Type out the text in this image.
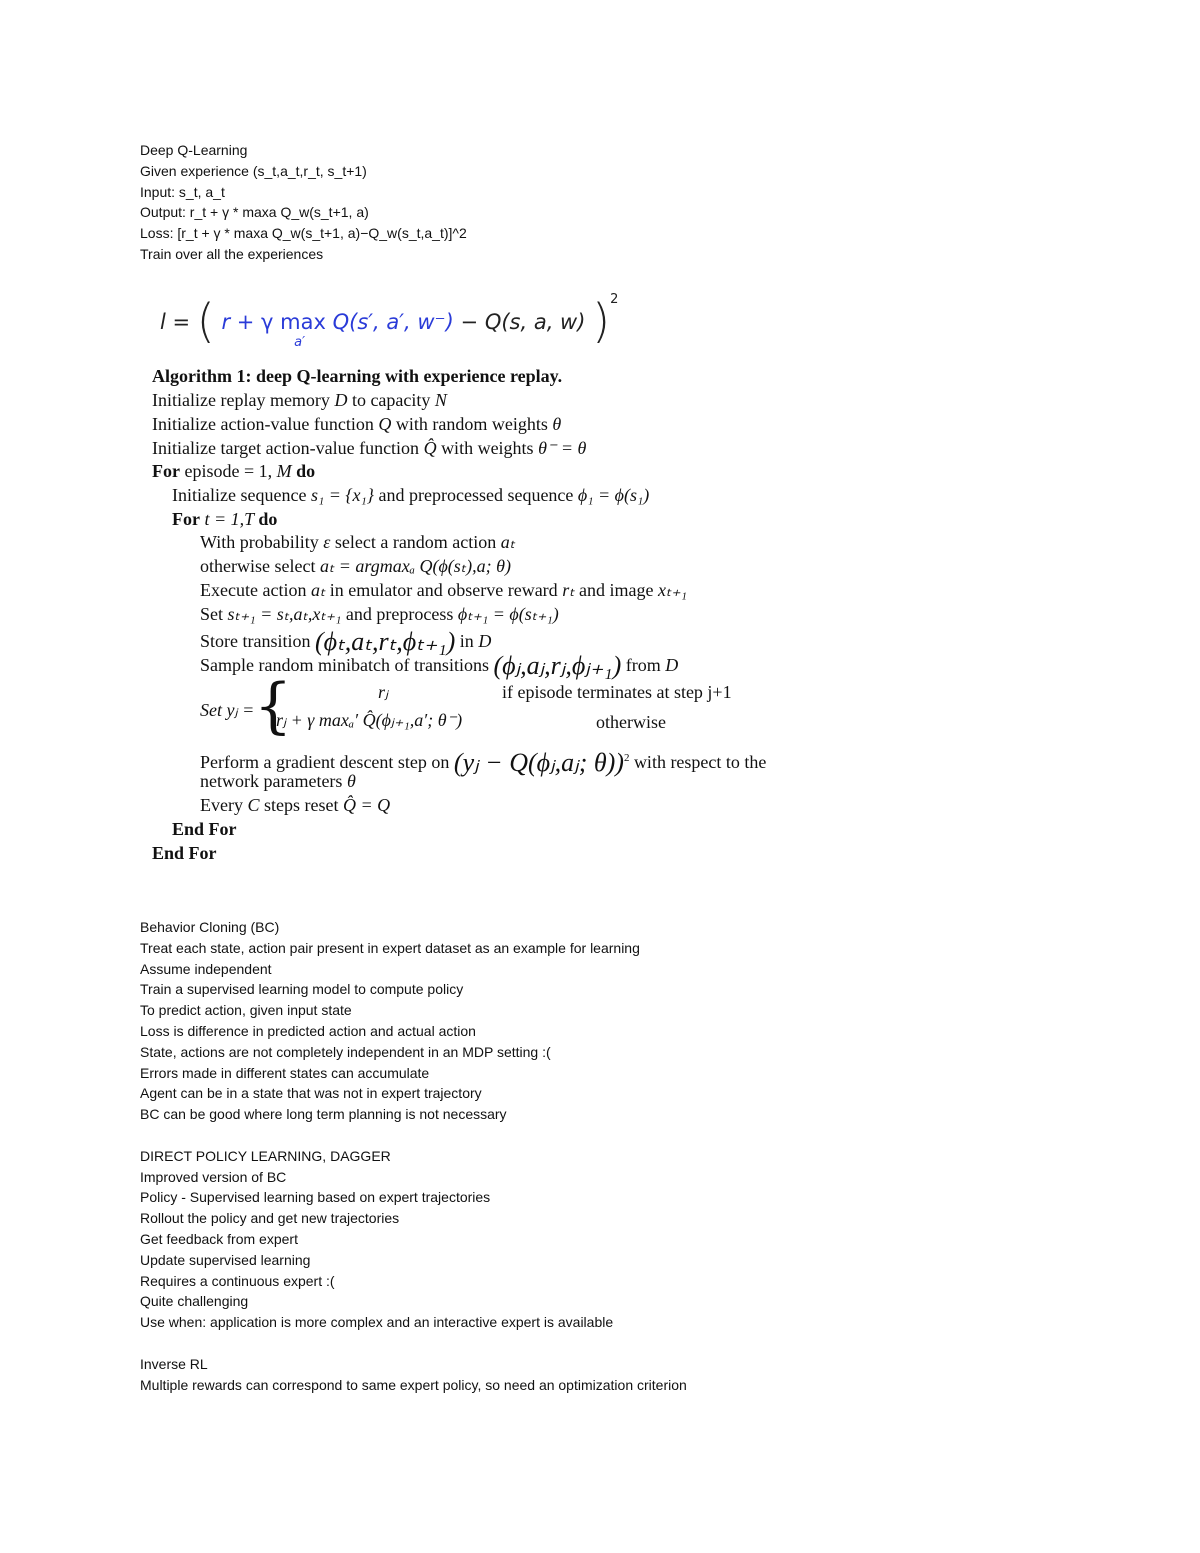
Deep Q-Learning
Given experience (s_t,a_t,r_t, s_t+1)
Input: s_t, a_t
Output: r_t + γ * maxa Q_w(s_t+1, a)
Loss: [r_t + γ * maxa Q_w(s_t+1, a)−Q_w(s_t,a_t)]^2
Train over all the experiences
l = ( r + γ max
a′
Q(s′, a′, w⁻) − Q(s, a, w) )$^2$
Algorithm 1: deep Q-learning with experience replay.
Initialize replay memory D to capacity N
Initialize action-value function Q with random weights θ
Initialize target action-value function Q̂ with weights θ⁻ = θ
For episode = 1, M do
Initialize sequence s₁ = {x₁} and preprocessed sequence ϕ₁ = ϕ(s₁)
For t = 1,T do
With probability ε select a random action aₜ
otherwise select aₜ = argmaxₐ Q(ϕ(sₜ),a; θ)
Execute action aₜ in emulator and observe reward rₜ and image xₜ₊₁
Set sₜ₊₁ = sₜ,aₜ,xₜ₊₁ and preprocess ϕₜ₊₁ = ϕ(sₜ₊₁)
Store transition (ϕₜ,aₜ,rₜ,ϕₜ₊₁) in D
Sample random minibatch of transitions (ϕⱼ,aⱼ,rⱼ,ϕⱼ₊₁) from D
Set yⱼ = {	rⱼ	if episode terminates at step j+1
rⱼ + γ maxₐ′ Q̂(ϕⱼ₊₁,a′; θ⁻)	otherwise
Perform a gradient descent step on (yⱼ − Q(ϕⱼ,aⱼ; θ))$^2$ with respect to the
network parameters θ
Every C steps reset Q̂ = Q
End For
End For
Behavior Cloning (BC)
Treat each state, action pair present in expert dataset as an example for learning
Assume independent
Train a supervised learning model to compute policy
To predict action, given input state
Loss is difference in predicted action and actual action
State, actions are not completely independent in an MDP setting :(
Errors made in different states can accumulate
Agent can be in a state that was not in expert trajectory
BC can be good where long term planning is not necessary
DIRECT POLICY LEARNING, DAGGER
Improved version of BC
Policy - Supervised learning based on expert trajectories
Rollout the policy and get new trajectories
Get feedback from expert
Update supervised learning
Requires a continuous expert :(
Quite challenging
Use when: application is more complex and an interactive expert is available
Inverse RL
Multiple rewards can correspond to same expert policy, so need an optimization criterion
